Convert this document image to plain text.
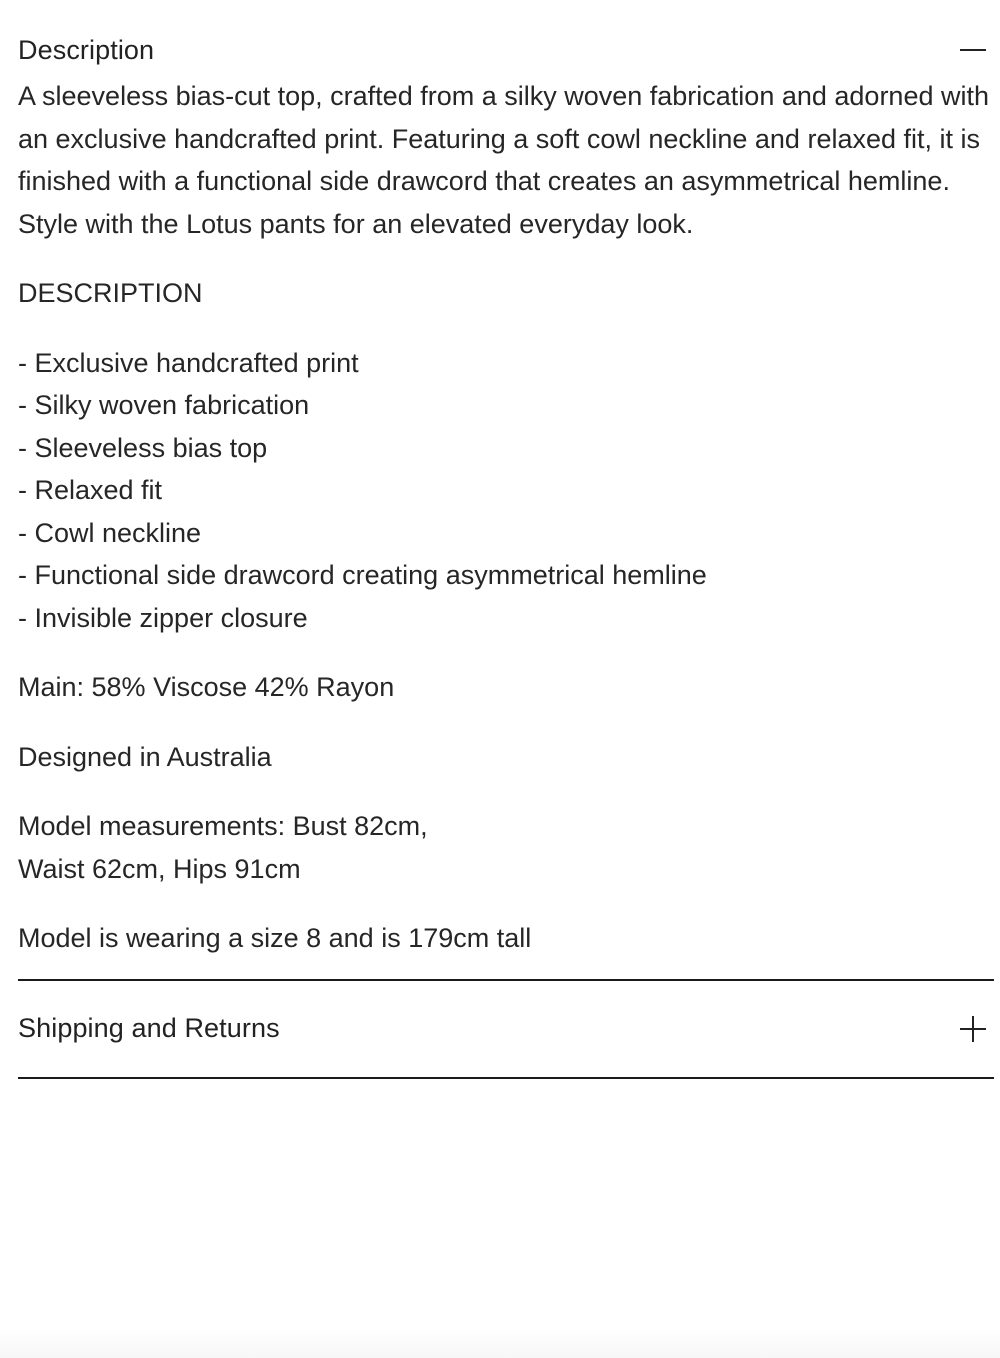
Description

A sleeveless bias-cut top, crafted from a silky woven fabrication and adorned with an exclusive handcrafted print. Featuring a soft cowl neckline and relaxed fit, it is finished with a functional side drawcord that creates an asymmetrical hemline. Style with the Lotus pants for an elevated everyday look.

DESCRIPTION

- Exclusive handcrafted print
- Silky woven fabrication
- Sleeveless bias top
- Relaxed fit
- Cowl neckline
- Functional side drawcord creating asymmetrical hemline
- Invisible zipper closure

Main: 58% Viscose 42% Rayon

Designed in Australia

Model measurements: Bust 82cm,

Waist 62cm, Hips 91cm

Model is wearing a size 8 and is 179cm tall

Shipping and Returns
